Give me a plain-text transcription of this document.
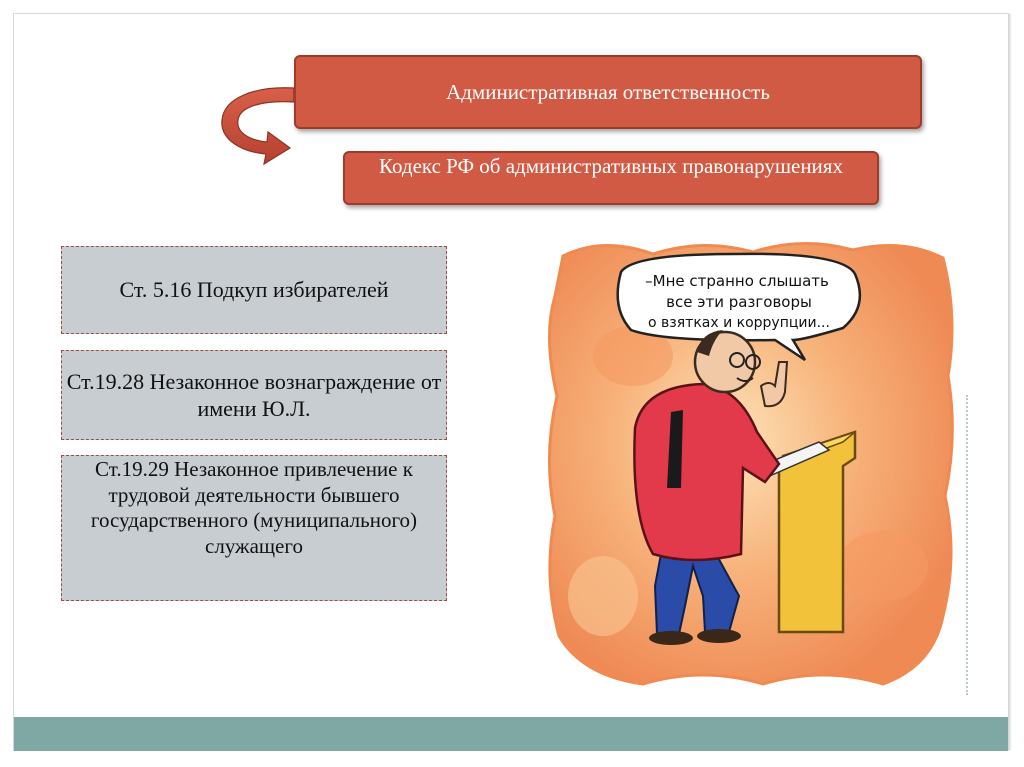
Административная ответственность
Кодекс РФ об административных правонарушениях
Ст. 5.16 Подкуп избирателей
Ст.19.28 Незаконное вознаграждение от имени Ю.Л.
Ст.19.29 Незаконное привлечение к трудовой деятельности бывшего государственного (муниципального) служащего
–Мне странно слышать
все эти разговоры
о взятках и коррупции...
